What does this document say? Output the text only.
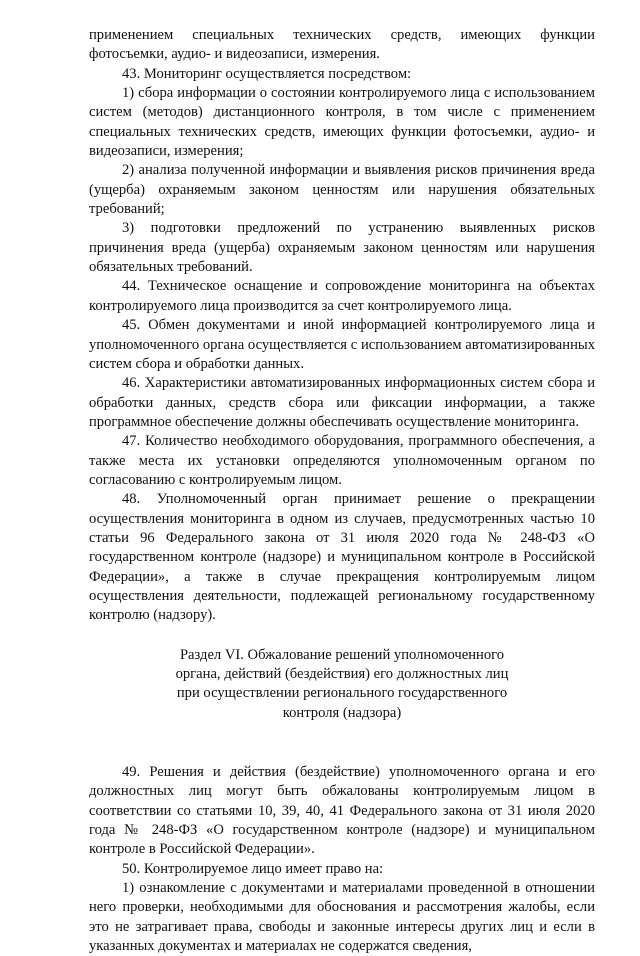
применением специальных технических средств, имеющих функции фотосъемки, аудио- и видеозаписи, измерения.

43. Мониторинг осуществляется посредством:

1) сбора информации о состоянии контролируемого лица с использованием систем (методов) дистанционного контроля, в том числе с применением специальных технических средств, имеющих функции фотосъемки, аудио- и видеозаписи, измерения;

2) анализа полученной информации и выявления рисков причинения вреда (ущерба) охраняемым законом ценностям или нарушения обязательных требований;

3) подготовки предложений по устранению выявленных рисков причинения вреда (ущерба) охраняемым законом ценностям или нарушения обязательных требований.

44. Техническое оснащение и сопровождение мониторинга на объектах контролируемого лица производится за счет контролируемого лица.

45. Обмен документами и иной информацией контролируемого лица и уполномоченного органа осуществляется с использованием автоматизированных систем сбора и обработки данных.

46. Характеристики автоматизированных информационных систем сбора и обработки данных, средств сбора или фиксации информации, а также программное обеспечение должны обеспечивать осуществление мониторинга.

47. Количество необходимого оборудования, программного обеспечения, а также места их установки определяются уполномоченным органом по согласованию с контролируемым лицом.

48. Уполномоченный орган принимает решение о прекращении осуществления мониторинга в одном из случаев, предусмотренных частью 10 статьи 96 Федерального закона от 31 июля 2020 года № 248-ФЗ «О государственном контроле (надзоре) и муниципальном контроле в Российской Федерации», а также в случае прекращения контролируемым лицом осуществления деятельности, подлежащей региональному государственному контролю (надзору).

Раздел VI. Обжалование решений уполномоченного
органа, действий (бездействия) его должностных лиц
при осуществлении регионального государственного
контроля (надзора)

49. Решения и действия (бездействие) уполномоченного органа и его должностных лиц могут быть обжалованы контролируемым лицом в соответствии со статьями 10, 39, 40, 41 Федерального закона от 31 июля 2020 года № 248-ФЗ «О государственном контроле (надзоре) и муниципальном контроле в Российской Федерации».

50. Контролируемое лицо имеет право на:

1) ознакомление с документами и материалами проведенной в отношении него проверки, необходимыми для обоснования и рассмотрения жалобы, если это не затрагивает права, свободы и законные интересы других лиц и если в указанных документах и материалах не содержатся сведения,
